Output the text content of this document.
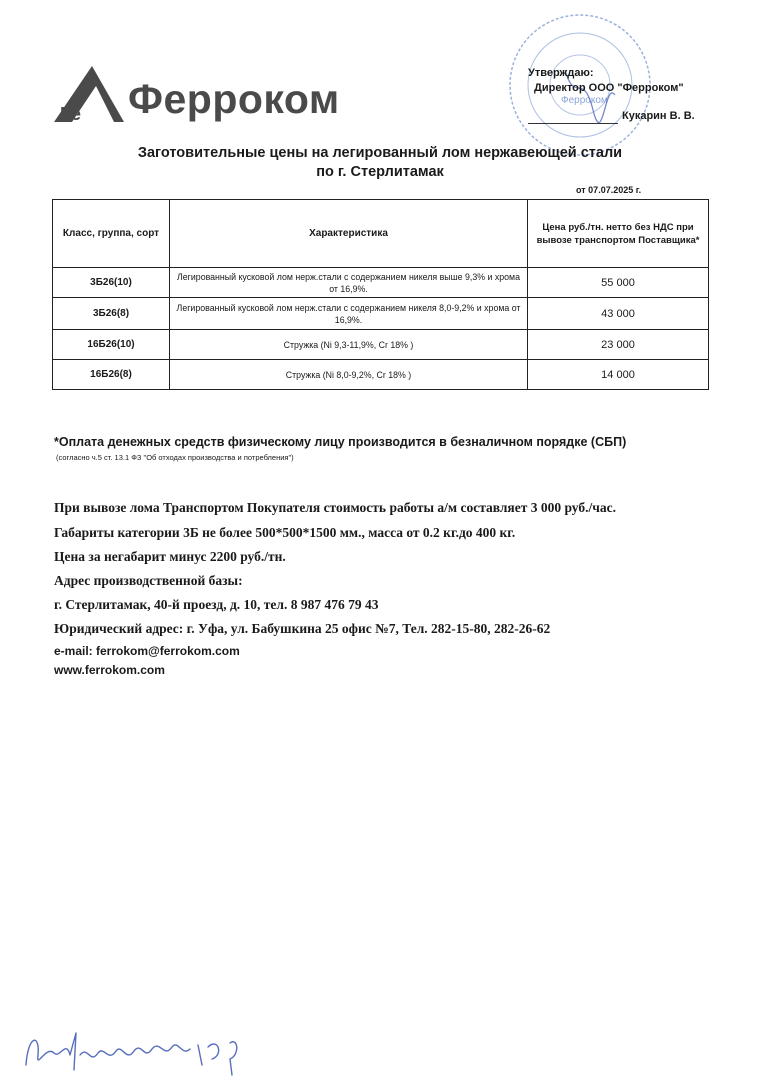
Fe Ферроком	Ферроком
Утверждаю:
Директор ООО "Ферроком"
Кукарин В. В.
Заготовительные цены на легированный лом нержавеющей стали
по г. Стерлитамак
от 07.07.2025 г.
Класс, группа, сорт	Характеристика	Цена руб./тн. нетто без НДС при вывозе транспортом Поставщика*
3Б26(10)	Легированный кусковой лом нерж.стали с содержанием никеля выше 9,3% и хрома от 16,9%.	55 000
3Б26(8)	Легированный кусковой лом нерж.стали с содержанием никеля 8,0-9,2% и хрома от 16,9%.	43 000
16Б26(10)	Стружка (Ni 9,3-11,9%, Cr 18% )	23 000
16Б26(8)	Стружка (Ni 8,0-9,2%, Cr 18% )	14 000
*Оплата денежных средств физическому лицу производится в безналичном порядке (СБП)
(согласно ч.5 ст. 13.1 ФЗ "Об отходах производства и потребления")
При вывозе лома Транспортом Покупателя стоимость работы а/м составляет 3 000 руб./час.
Габариты категории 3Б не более 500*500*1500 мм., масса от 0.2 кг.до 400 кг.
Цена за негабарит минус 2200 руб./тн.
Адрес производственной базы:
г. Стерлитамак, 40-й проезд, д. 10, тел. 8 987 476 79 43
Юридический адрес: г. Уфа, ул. Бабушкина 25 офис №7, Тел. 282-15-80, 282-26-62
e-mail: ferrokom@ferrokom.com
www.ferrokom.com
